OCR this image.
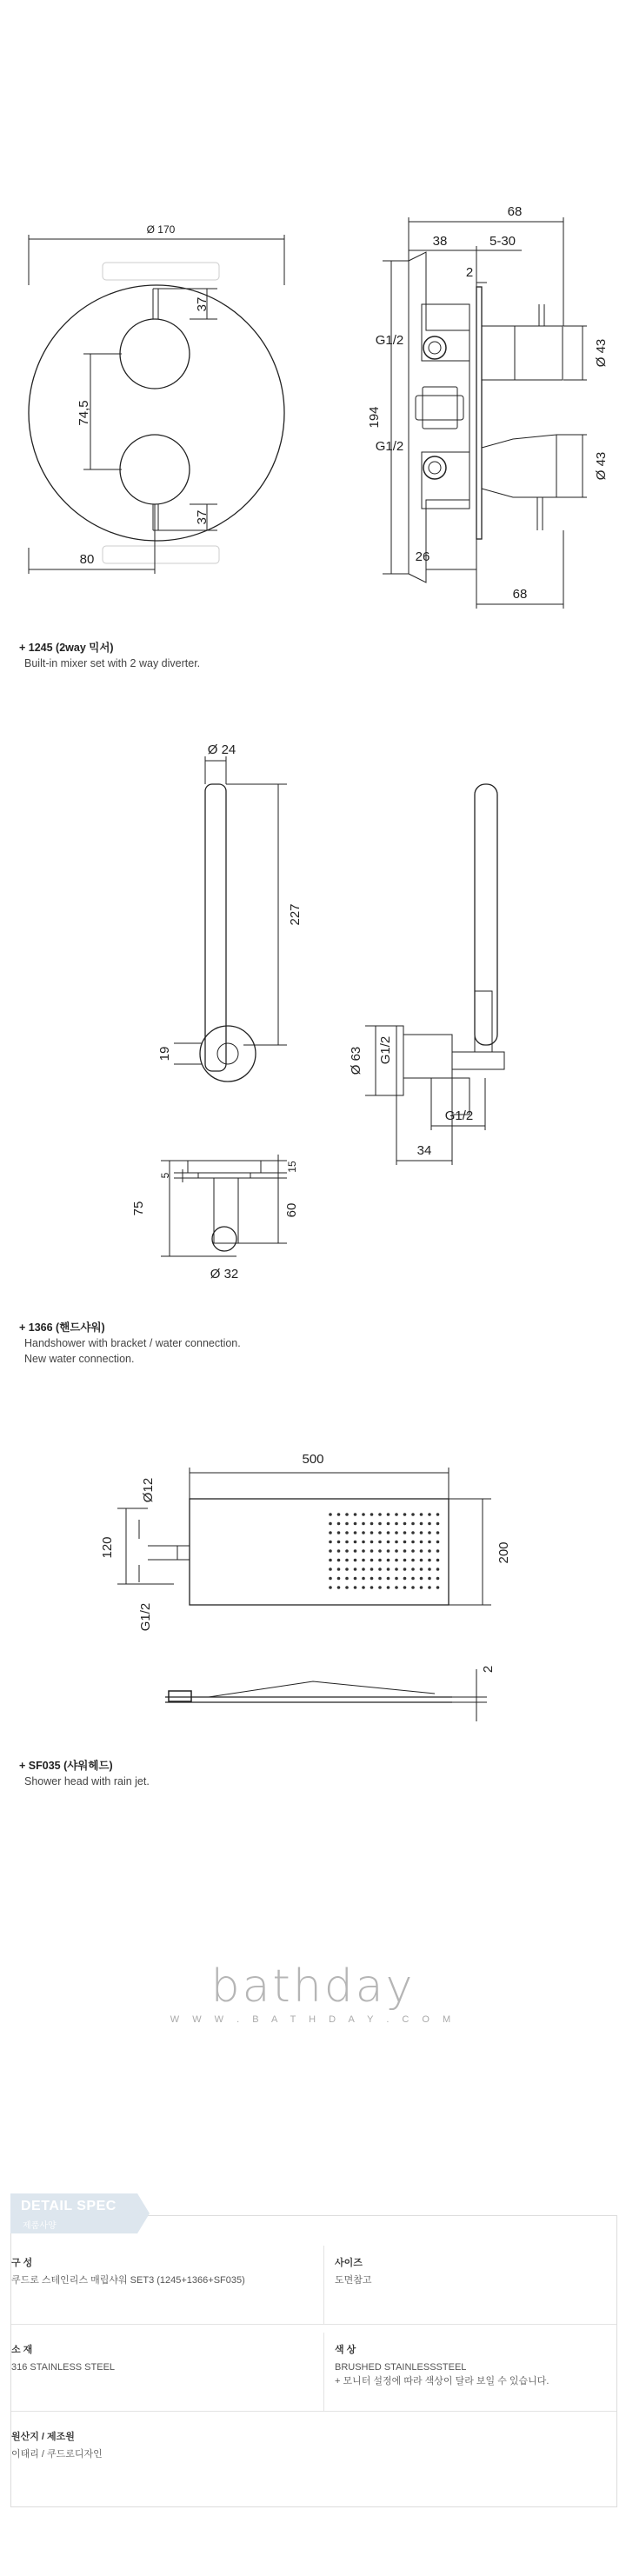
Ø 170
37
74,5
37
80
68
38	5-30
2
G1/2	Ø 43
194
G1/2
Ø 43
26
68
+ 1245 (2way 믹서)
Built-in mixer set with 2 way diverter.
Ø 24
227
19	Ø 63 G1/2
G1/2
34
15
5
75	60
Ø 32
+ 1366 (핸드샤워)
Handshower with bracket / water connection.
New water connection.
500
Ø12
120	200
G1/2
2
+ SF035 (샤워헤드)
Shower head with rain jet.
bathday
W W W . B A T H D A Y . C O M
DETAIL SPEC
제품사양
구 성
쿠드로 스테인리스 매립샤워 SET3 (1245+1366+SF035)
사이즈
도면참고
소 재
316 STAINLESS STEEL
색 상
BRUSHED STAINLESSSTEEL
+ 모니터 설정에 따라 색상이 달라 보일 수 있습니다.
원산지 / 제조원
이태리 / 쿠드로디자인
